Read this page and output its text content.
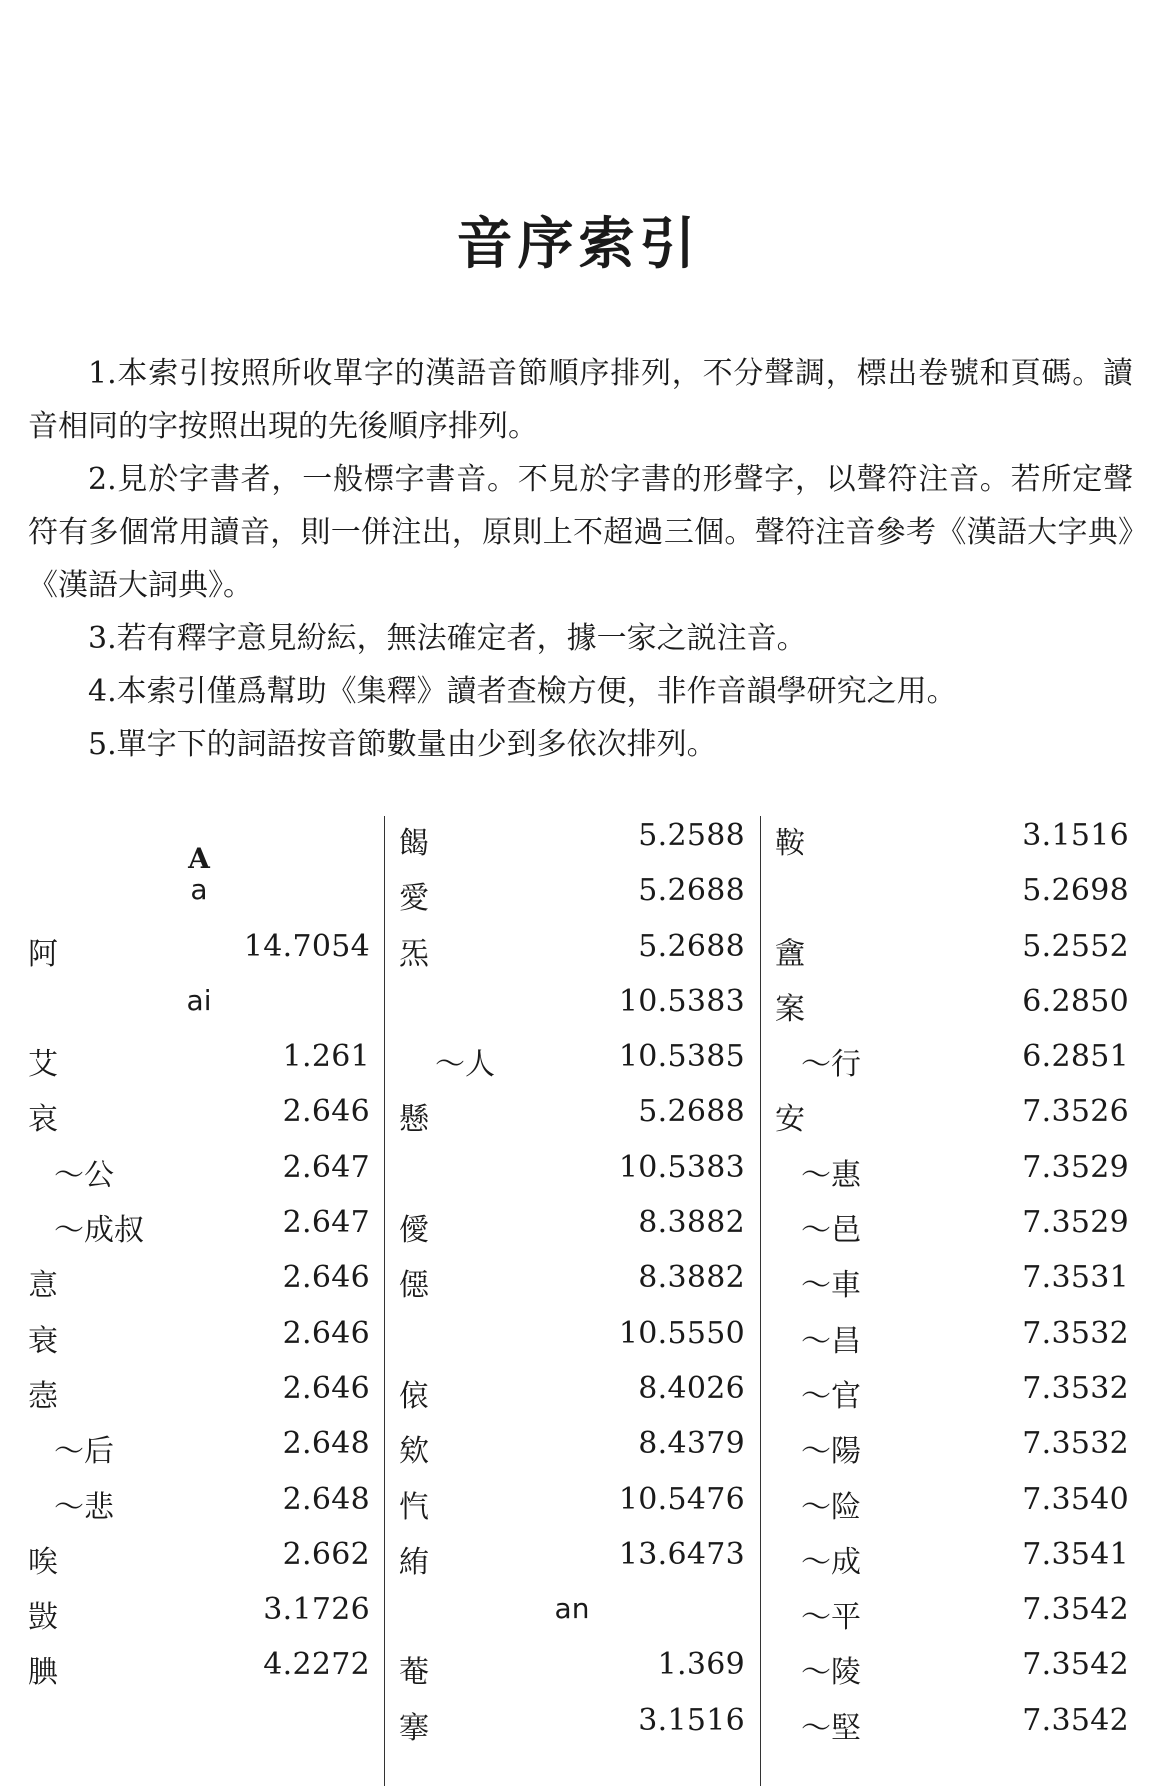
音序索引

1.本索引按照所收單字的漢語音節順序排列，不分聲調，標出卷號和頁碼。讀音相同的字按照出現的先後順序排列。

2.見於字書者，一般標字書音。不見於字書的形聲字，以聲符注音。若所定聲符有多個常用讀音，則一併注出，原則上不超過三個。聲符注音參考《漢語大字典》《漢語大詞典》。

3.若有釋字意見紛紜，無法確定者，據一家之説注音。

4.本索引僅爲幫助《集釋》讀者查檢方便，非作音韻學研究之用。

5.單字下的詞語按音節數量由少到多依次排列。

A
a
阿	14.7054
ai
艾	1.261
哀	2.646
～公	2.647
～成叔	2.647
悥	2.646
衰	2.646
悫	2.646
～后	2.648
～悲	2.648
唉	2.662
敱	3.1726
腆	4.2272
餲	5.2588
愛	5.2688
炁	5.2688
10.5383
～人	10.5385
懸	5.2688
10.5383
僾	8.3882
僫	8.3882
10.5550
偯	8.4026
欸	8.4379
忾	10.5476
絠	13.6473
an
菴	1.369
搴	3.1516
鞍	3.1516
5.2698
盦	5.2552
案	6.2850
～行	6.2851
安	7.3526
～惠	7.3529
～邑	7.3529
～車	7.3531
～昌	7.3532
～官	7.3532
～陽	7.3532
～险	7.3540
～成	7.3541
～平	7.3542
～陵	7.3542
～堅	7.3542
